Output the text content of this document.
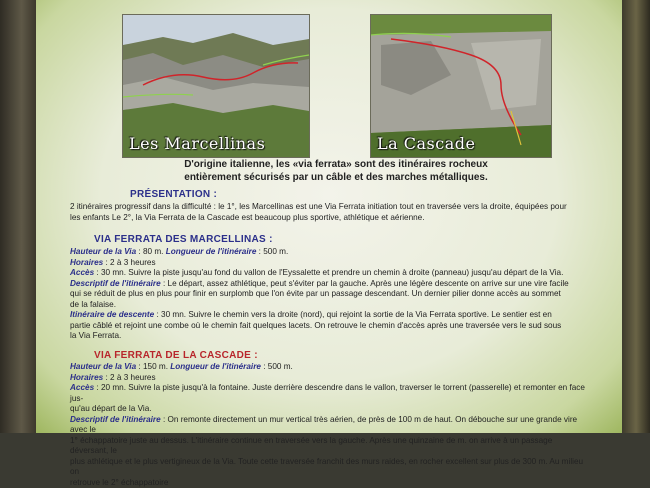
Les Marcellinas	La Cascade

D'origine italienne, les «via ferrata» sont des itinéraires rocheux

entièrement sécurisés par un câble et des marches métalliques.

PRÉSENTATION :

2 itinéraires progressif dans la difficulté : le 1°, les Marcellinas est une Via Ferrata initiation tout en traversée vers la droite, équipées pour

les enfants Le 2°, la Via Ferrata de la Cascade est beaucoup plus sportive, athlétique et aérienne.

VIA FERRATA DES MARCELLINAS :

Hauteur de la Via : 80 m. Longueur de l'itinéraire : 500 m.

Horaires : 2 à 3 heures

Accès : 30 mn. Suivre la piste jusqu'au fond du vallon de l'Eyssalette et prendre un chemin à droite (panneau) jusqu'au départ de la Via.

Descriptif de l'itinéraire : Le départ, assez athlétique, peut s'éviter par la gauche. Après une légère descente on arrive sur une vire facile

qui se réduit de plus en plus pour finir en surplomb que l'on évite par un passage descendant. Un dernier pilier donne accès au sommet

de la falaise.

Itinéraire de descente : 30 mn. Suivre le chemin vers la droite (nord), qui rejoint la sortie de la Via Ferrata sportive. Le sentier est en

partie câblé et rejoint une combe où le chemin fait quelques lacets. On retrouve le chemin d'accès après une traversée vers le sud sous

la Via Ferrata.

VIA FERRATA DE LA CASCADE :

Hauteur de la Via : 150 m. Longueur de l'itinéraire : 500 m.

Horaires : 2 à 3 heures

Accès : 20 mn. Suivre la piste jusqu'à la fontaine. Juste derrière descendre dans le vallon, traverser le torrent (passerelle) et remonter en face jus-

qu'au départ de la Via.

Descriptif de l'itinéraire : On remonte directement un mur vertical très aérien, de près de 100 m de haut. On débouche sur une grande vire avec le

1° échappatoire juste au dessus. L'itinéraire continue en traversée vers la gauche. Après une quinzaine de m. on arrive à un passage déversant, le

plus athlétique et le plus vertigineux de la Via. Toute cette traversée franchit des murs raides, en rocher excellent sur plus de 300 m. Au milieu on

retrouve le 2° échappatoire
